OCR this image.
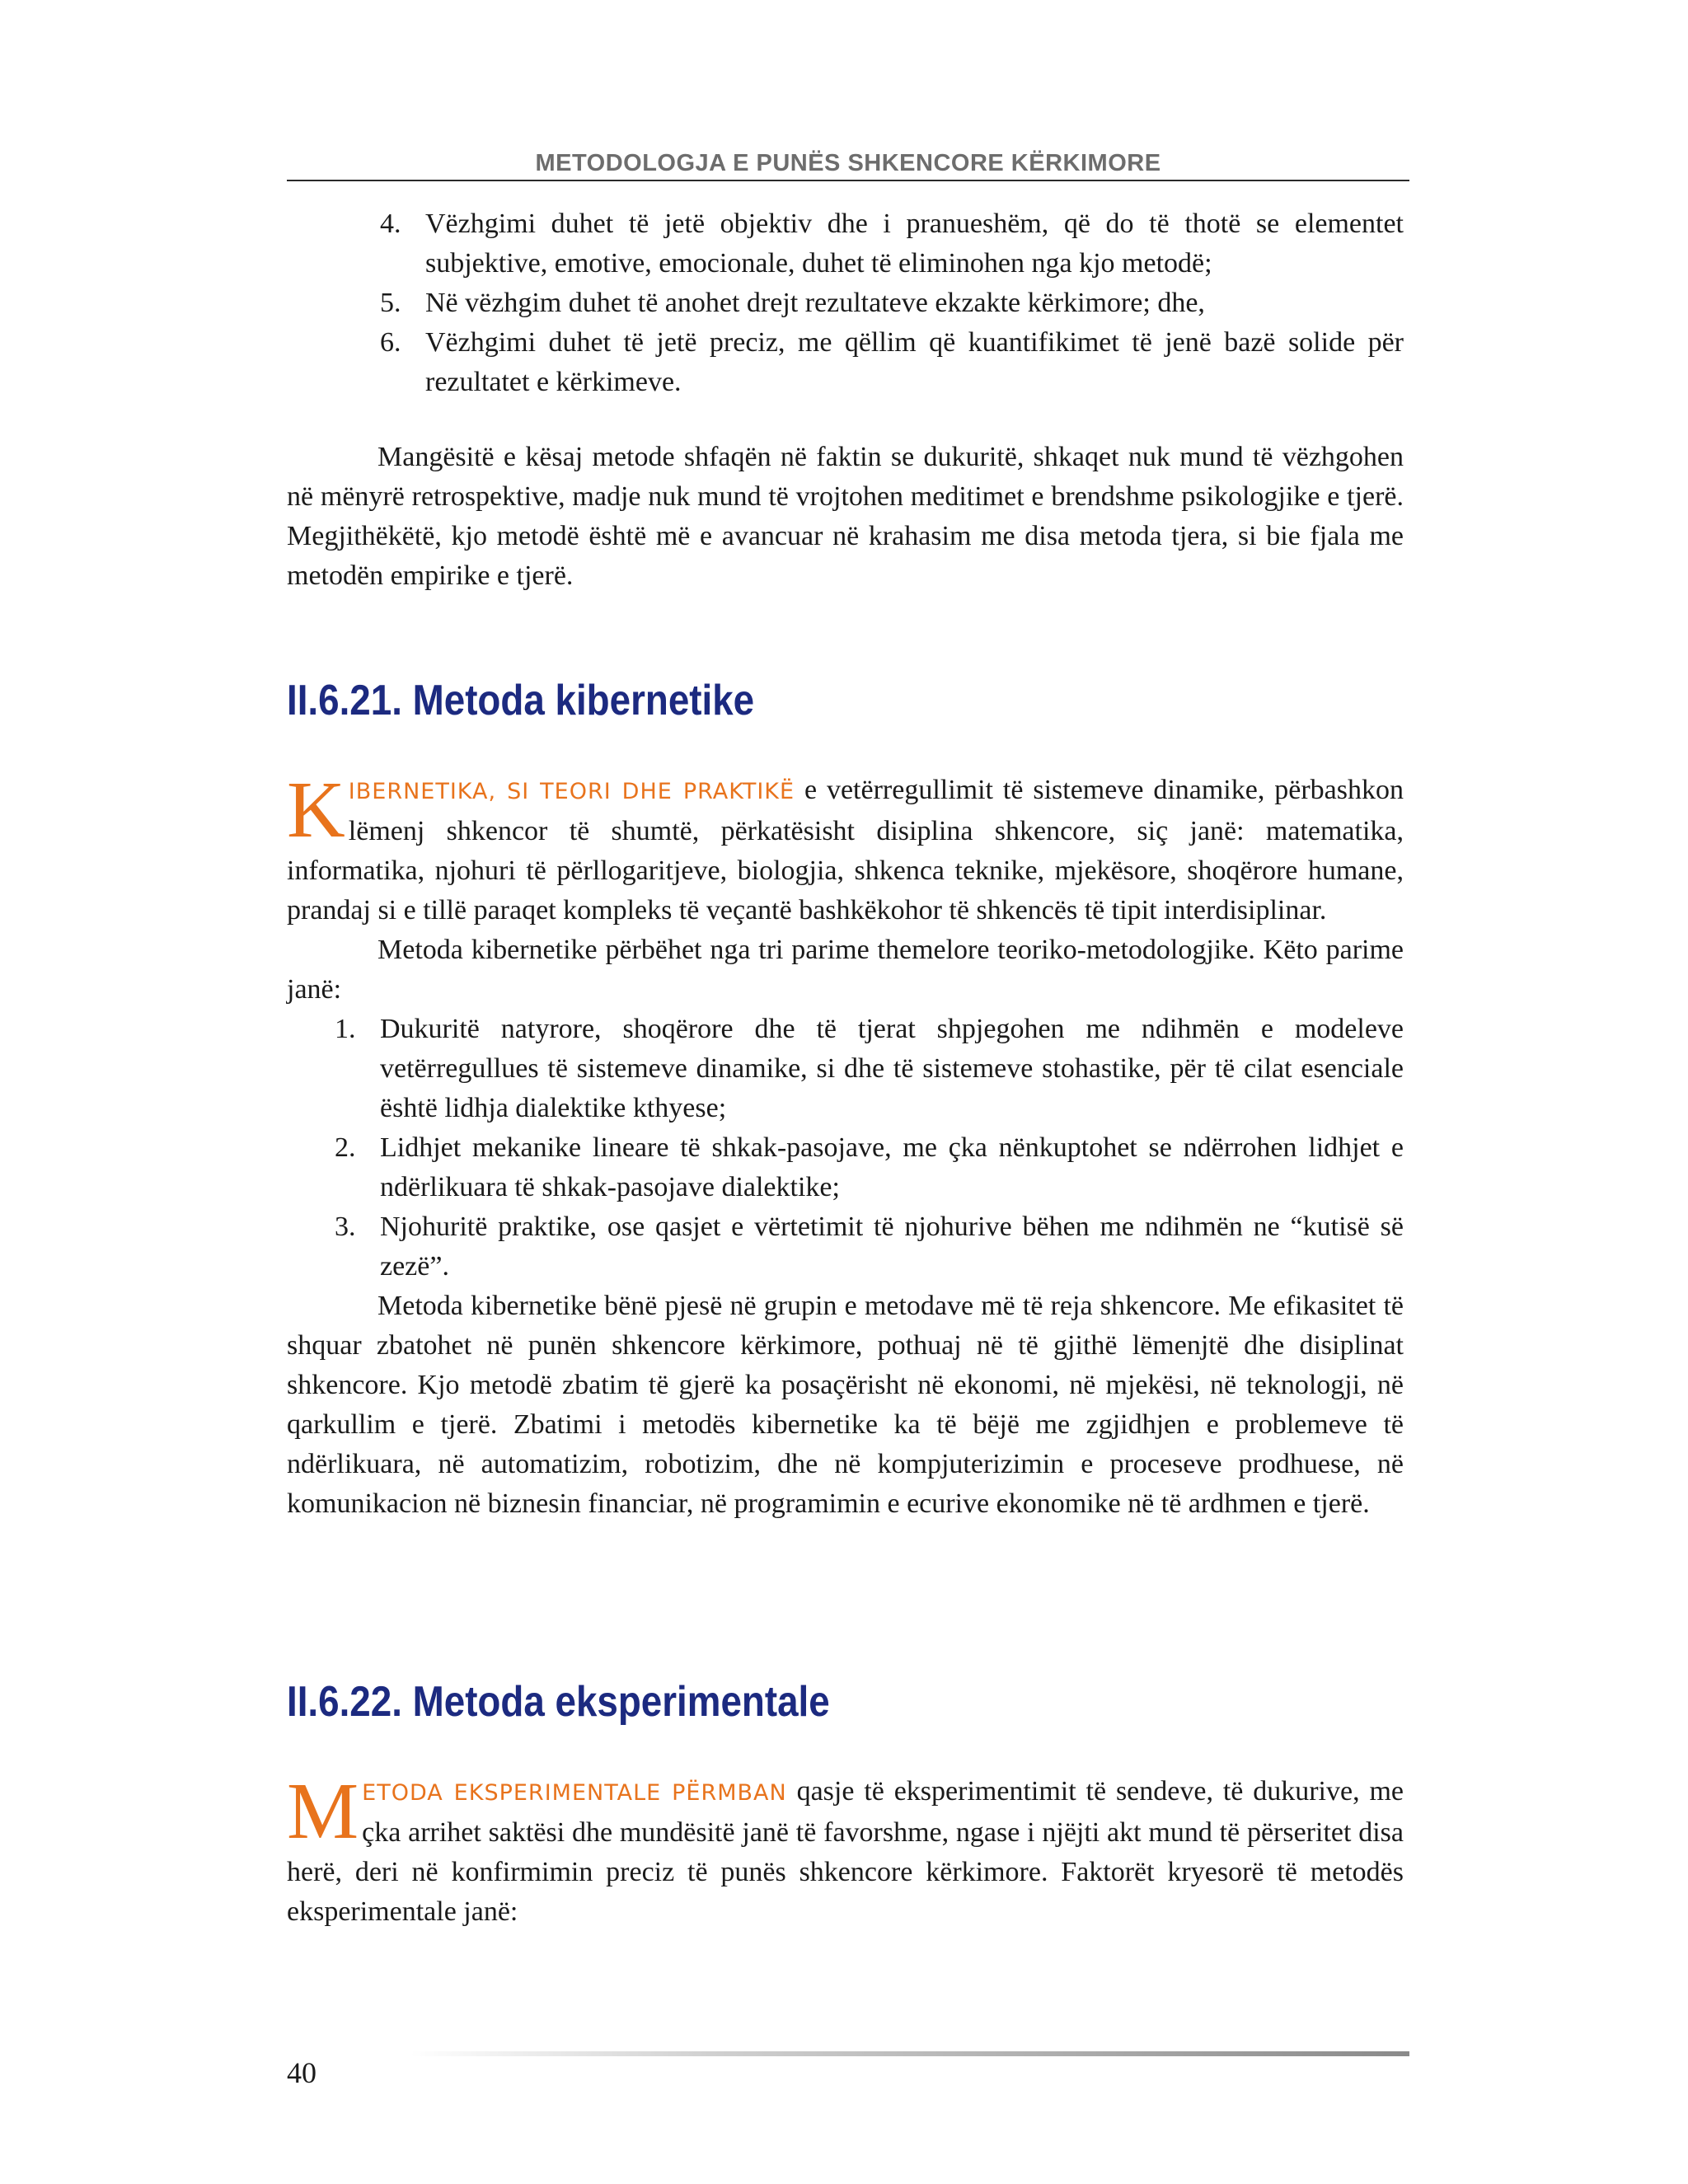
METODOLOGJA E PUNËS SHKENCORE KËRKIMORE
4. Vëzhgimi duhet të jetë objektiv dhe i pranueshëm, që do të thotë se elementet subjektive, emotive, emocionale, duhet të eliminohen nga kjo metodë;
5. Në vëzhgim duhet të anohet drejt rezultateve ekzakte kërkimore; dhe,
6. Vëzhgimi duhet të jetë preciz, me qëllim që kuantifikimet të jenë bazë solide për rezultatet e kërkimeve.

Mangësitë e kësaj metode shfaqën në faktin se dukuritë, shkaqet nuk mund të vëzhgohen në mënyrë retrospektive, madje nuk mund të vrojtohen meditimet e brendshme psikologjike e tjerë. Megjithëkëtë, kjo metodë është më e avancuar në krahasim me disa metoda tjera, si bie fjala me metodën empirike e tjerë.

II.6.21. Metoda kibernetike

KIBERNETIKA, SI TEORI DHE PRAKTIKË e vetërregullimit të sistemeve dinamike, përbashkon lëmenj shkencor të shumtë, përkatësisht disiplina shkencore, siç janë: matematika, informatika, njohuri të përllogaritjeve, biologjia, shkenca teknike, mjekësore, shoqërore humane, prandaj si e tillë paraqet kompleks të veçantë bashkëkohor të shkencës të tipit interdisiplinar.

Metoda kibernetike përbëhet nga tri parime themelore teoriko-metodologjike. Këto parime janë:

1. Dukuritë natyrore, shoqërore dhe të tjerat shpjegohen me ndihmën e modeleve vetërregullues të sistemeve dinamike, si dhe të sistemeve stohastike, për të cilat esenciale është lidhja dialektike kthyese;
2. Lidhjet mekanike lineare të shkak-pasojave, me çka nënkuptohet se ndërrohen lidhjet e ndërlikuara të shkak-pasojave dialektike;
3. Njohuritë praktike, ose qasjet e vërtetimit të njohurive bëhen me ndihmën ne “kutisë së zezë”.

Metoda kibernetike bënë pjesë në grupin e metodave më të reja shkencore. Me efikasitet të shquar zbatohet në punën shkencore kërkimore, pothuaj në të gjithë lëmenjtë dhe disiplinat shkencore. Kjo metodë zbatim të gjerë ka posaçërisht në ekonomi, në mjekësi, në teknologji, në qarkullim e tjerë. Zbatimi i metodës kibernetike ka të bëjë me zgjidhjen e problemeve të ndërlikuara, në automatizim, robotizim, dhe në kompjuterizimin e proceseve prodhuese, në komunikacion në biznesin financiar, në programimin e ecurive ekonomike në të ardhmen e tjerë.

II.6.22. Metoda eksperimentale

METODA EKSPERIMENTALE PËRMBAN qasje të eksperimentimit të sendeve, të dukurive, me çka arrihet saktësi dhe mundësitë janë të favorshme, ngase i njëjti akt mund të përseritet disa herë, deri në konfirmimin preciz të punës shkencore kërkimore. Faktorët kryesorë të metodës eksperimentale janë:

40
